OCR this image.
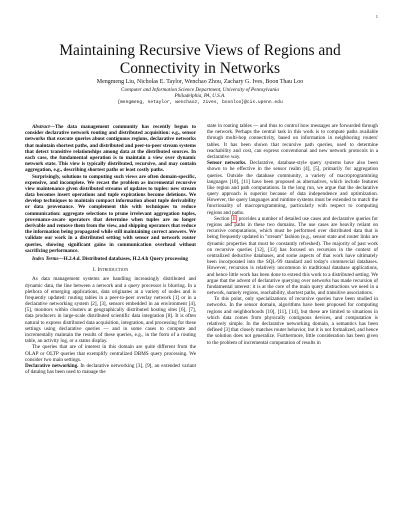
1
Maintaining Recursive Views of Regions and
Connectivity in Networks
Mengmeng Liu, Nicholas E. Taylor, Wenchao Zhou, Zachary G. Ives, Boon Thau Loo
Computer and Information Science Department, University of Pennsylvania
Philadelphia, PA, U.S.A.
{mengmeng, netaylor, wenchaoz, zives, boonloo}@cis.upenn.edu

Abstract—The data management community has recently begun to consider declarative network routing and distributed acquisition: e.g., sensor networks that execute queries about contiguous regions, declarative networks that maintain shortest paths, and distributed and peer-to-peer stream systems that detect transitive relationships among data at the distributed sources. In each case, the fundamental operation is to maintain a view over dynamic network state. This view is typically distributed, recursive, and may contain aggregation, e.g., describing shortest paths or least costly paths.

Surprisingly, solutions to computing such views are often domain-specific, expensive, and incomplete. We recast the problem as incremental recursive view maintenance given distributed streams of updates to tuples: new stream data becomes insert operations and tuple expirations become deletions. We develop techniques to maintain compact information about tuple derivability or data provenance. We complement this with techniques to reduce communication: aggregate selections to prune irrelevant aggregation tuples, provenance-aware operators that determine when tuples are no longer derivable and remove them from the view, and shipping operators that reduce the information being propagated while still maintaining correct answers. We validate our work in a distributed setting with sensor and network router queries, showing significant gains in communication overhead without sacrificing performance.

Index Terms—H.2.4.d. Distributed databases, H.2.4.h Query processing

I. Introduction

As data management systems are handling increasingly distributed and dynamic data, the line between a network and a query processor is blurring. In a plethora of emerging applications, data originates at a variety of nodes and is frequently updated: routing tables in a peer-to-peer overlay network [1] or in a declarative networking system [2], [3], sensors embedded in an environment [4], [5], monitors within clusters at geographically distributed hosting sites [6], [7], data producers in large-scale distributed scientific data integration [8]. It is often natural to express distributed data acquisition, integration, and processing for these settings using declarative queries — and in some cases to compute and incrementally maintain the results of these queries, e.g., in the form of a routing table, an activity log, or a status display.

The queries that are of interest in this domain are quite different from the OLAP or OLTP queries that exemplify centralized DBMS query processing. We consider two main settings.

Declarative networking. In declarative networking [3], [9], an extended variant of datalog has been used to manage the

state in routing tables — and thus to control how messages are forwarded through the network. Perhaps the central task in this work is to compute paths available through multi-hop connectivity, based on information in neighboring routers' tables. It has been shown that recursive path queries, used to determine reachability and cost, can express conventional and new network protocols in a declarative way.

Sensor networks. Declarative, database-style query systems have also been shown to be effective in the sensor realm [4], [5], primarily for aggregation queries. Outside the database community, a variety of macroprogramming languages [10], [11] have been proposed as alternatives, which include features like region and path computations. In the long run, we argue that the declarative query approach is superior because of data independence and optimization. However, the query languages and runtime systems must be extended to match the functionality of macroprogramming, particularly with respect to computing regions and paths.

Section II provides a number of detailed use cases and declarative queries for regions and paths in these two domains. The use cases are heavily reliant on recursive computations, which must be performed over distributed data that is being frequently updated in "stream" fashion (e.g., sensor state and router links are dynamic properties that must be constantly refreshed). The majority of past work on recursive queries [12], [13] has focused on recursion in the context of centralized deductive databases, and some aspects of that work have ultimately been incorporated into the SQL-99 standard and today's commercial databases. However, recursion is relatively uncommon in traditional database applications, and hence little work has been done to extend this work to a distributed setting. We argue that the advent of declarative querying over networks has made recursion of fundamental interest: it is at the core of the main query abstractions we need in a network, namely regions, reachability, shortest paths, and transitive associations.

To this point, only specializations of recursive queries have been studied in networks. In the sensor domain, algorithms have been proposed for computing regions and neighborhoods [10], [11], [14], but these are limited to situations in which data comes from physically contiguous devices, and computation is relatively simple. In the declarative networking domain, a semantics has been defined [3] that closely matches router behavior, but it is not formalized, and hence the solution does not generalize. Furthermore, little consideration has been given to the problem of incremental computation of results in
